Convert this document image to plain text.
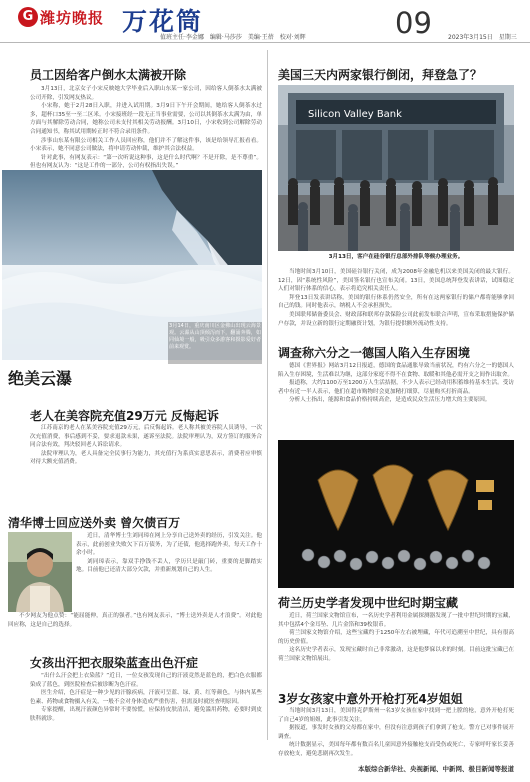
G 潍坊晚报 万花筒
值班主任·李金娜　编辑·马莎莎　美编·王蓓　校对·刘辉	09	2023年3月15日　星期三
员工因给客户倒水太满被开除
3月13日，北京女子小宋反映她大学毕业后入职山东某一家公司，因给客人倒茶水太满被公司开除，引发网友热议。
小宋称，她于2月28日入职，并进入试用期。3月9日下午开会期间，她给客人倒茶水过多，超杯口35至一至二区米。小宋接班经一段无正当事业需要，公司以其倒茶水太满为由，单方面与其解除劳动合同，她称公司未支付其相关劳动报酬。3月10日，小宋收到公司解除劳动合同通知书，称其试用期转正时不符合录用条件。
涉事山东某有限公司相关工作人员回应称，他们并不了解这件事，该是给领导汇报看看。小宋表示，她不同意公司做法，将申请劳动仲裁，维护其合法权益。
针对此事，有网友表示：“第一次听说这种事，这是什么时代啊？不是开除，是不尊重”。但也有网友认为：“这是工作的一部分，公司有权指出失误。”
3月14日，重庆南川区金佛山出现云海景观。云瀑从山顶倾泻而下，翻涌奔腾，如同仙境一般，吸引众多游客和摄影爱好者前来观赏。
绝美云瀑
老人在美容院充值29万元 反悔起诉
江苏南京的老人在某美容院充值29万元，后反悔起诉。老人称其被美容院人员诱导，一次次充值消费，事后感到不妥，要求退款未果，遂诉至法院。法院审理认为，双方签订的服务合同合法有效，判决驳回老人诉讼请求。
法院审理认为，老人具备完全民事行为能力，其充值行为系真实意思表示，消费者应审慎对待大额充值消费。
清华博士回应送外卖 曾欠债百万
近日，清华博士生刘同璋在网上分享自己送外卖的经历，引发关注。他表示，此前创业失败欠下百万债务，为了还债，他选择跑外卖，每天工作十余小时。
刘同璋表示，靠双手挣钱不丢人，学历只是敲门砖，重要的是脚踏实地。目前他已还清大部分欠款，并重新规划自己的人生。
不少网友为他点赞：“能屈能伸，真正的强者。”也有网友表示，“博士送外卖是人才浪费”。对此他回应称，这是自己的选择。
女孩出汗把衣服染蓝查出色汗症
“出什么汗会把上衣染蓝？”近日，一位女孩发现自己的汗液竟然是蓝色的，把白色衣服都染成了蓝色，到医院检查后被诊断为色汗症。
医生介绍，色汗症是一种少见的汗腺疾病，汗液可呈蓝、绿、黄、红等颜色，与体内某些色素、药物或食物摄入有关，一般不会对身体造成严重伤害，但需及时就医查明原因。
专家提醒，出现汗液颜色异常时不要惊慌，应保持皮肤清洁，避免滥用药物，必要时到皮肤科就诊。
美国三天内两家银行倒闭，拜登急了？
Silicon Valley Bank
3月13日，客户在硅谷银行总部外排队等候办理业务。
当地时间3月10日，美国硅谷银行关闭，成为2008年金融危机以来美国关闭的最大银行。12日，因“系统性风险”，美国签名银行也宣布关闭。13日，美国总统拜登发表讲话，试图稳定人们对银行体系的信心，表示将追究相关责任人。
拜登13日发表讲话称，美国的银行体系仍然安全，所有在这两家银行的储户都将能够拿回自己的钱。同时他表示，纳税人不会承担损失。
美国联邦储备委员会、财政部和联邦存款保险公司此前发布联合声明，宣布采取措施保护储户存款，并设立新的银行定期融资计划，为银行提供额外流动性支持。
调查称六分之一德国人陷入生存困境
德国《世界报》网站3月12日报道，德国的食品通胀导致当前状况，约有六分之一的德国人陷入生存困境，生活难以为继，这部分家庭不得不在食物、取暖和其他必需开支之间作出取舍。
报道称，大约1100万至1200万人生活拮据，不少人表示已经动用积蓄维持基本生活。受访者中有近一半人表示，他们在超市购物时会更加精打细算，尽量购买打折商品。
分析人士指出，能源和食品价格持续高企，是造成民众生活压力增大的主要原因。
荷兰历史学者发现中世纪时期宝藏
近日，荷兰国家文物馆宣布，一名历史学者利用金属探测器发现了一批中世纪时期的宝藏，其中包括4个金耳坠、几片金箔和39枚银币。
荷兰国家文物馆介绍，这些宝藏约于1250年左右被埋藏，年代可追溯至中世纪，具有很高的历史价值。
这名历史学者表示，发现宝藏时自己非常激动，这是他梦寐以求的时刻。目前这批宝藏已在荷兰国家文物馆展出。
3岁女孩家中意外开枪打死4岁姐姐
当地时间3月13日，美国得克萨斯州一名3岁女孩在家中找到一把上膛的枪，意外开枪打死了自己4岁的姐姐，此事引发关注。
据报道，事发时女孩的父母都在家中，但没有注意到孩子们拿到了枪支。警方已对事件展开调查。
统计数据显示，美国每年都有数百名儿童因意外接触枪支而受伤或死亡，专家呼吁家长妥善存放枪支，避免悲剧再次发生。
本版综合新华社、央视新闻、中新网、极目新闻等报道
